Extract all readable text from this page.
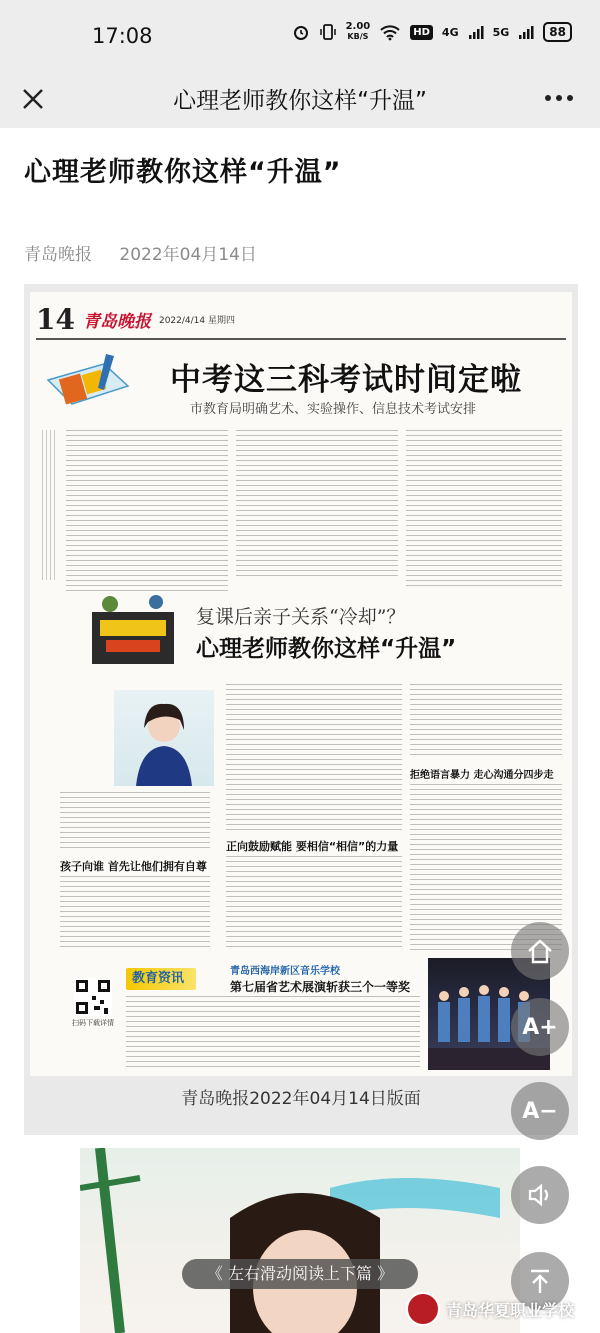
17:08	2.00
KB/S	HD 4G	5G	88
心理老师教你这样“升温”
心理老师教你这样“升温”
青岛晚报 2022年04月14日
14 青岛晚报 2022/4/14 星期四
中考这三科考试时间定啦
市教育局明确艺术、实验操作、信息技术考试安排
复课后亲子关系“冷却”？
心理老师教你这样“升温”
孩子向谁 首先让他们拥有自尊
正向鼓励赋能 要相信“相信”的力量
拒绝语言暴力 走心沟通分四步走
扫码下载详情
教育资讯	青岛西海岸新区音乐学校
第七届省艺术展演斩获三个一等奖
青岛晚报2022年04月14日版面
A+
A−
《 左右滑动阅读上下篇 》
青岛华夏职业学校
